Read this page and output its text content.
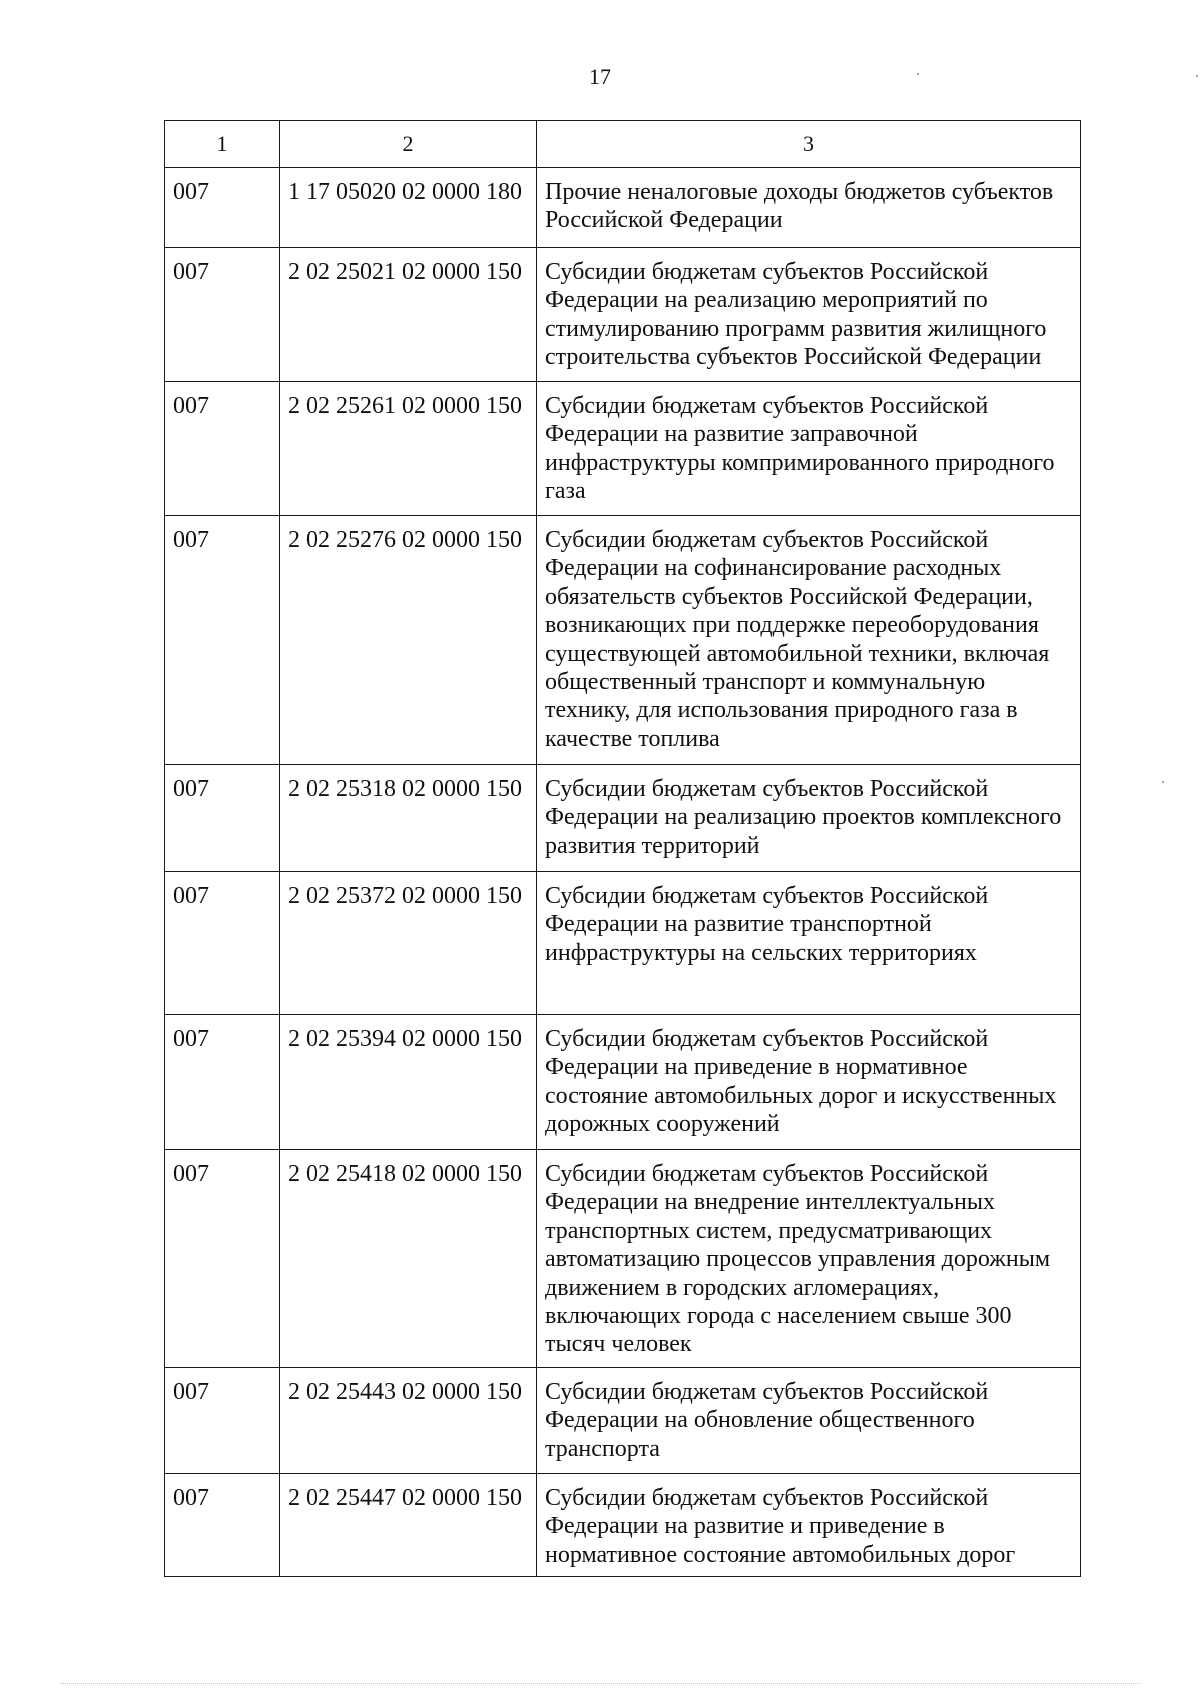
17
1	2	3
007	1 17 05020 02 0000 180	Прочие неналоговые доходы бюджетов субъектов Российской Федерации
007	2 02 25021 02 0000 150	Субсидии бюджетам субъектов Российской Федерации на реализацию мероприятий по стимулированию программ развития жилищного строительства субъектов Российской Федерации
007	2 02 25261 02 0000 150	Субсидии бюджетам субъектов Российской Федерации на развитие заправочной инфраструктуры компримированного природного газа
007	2 02 25276 02 0000 150	Субсидии бюджетам субъектов Российской Федерации на софинансирование расходных обязательств субъектов Российской Федерации, возникающих при поддержке переоборудования существующей автомобильной техники, включая общественный транспорт и коммунальную технику, для использования природного газа в качестве топлива
007	2 02 25318 02 0000 150	Субсидии бюджетам субъектов Российской Федерации на реализацию проектов комплексного развития территорий
007	2 02 25372 02 0000 150	Субсидии бюджетам субъектов Российской Федерации на развитие транспортной инфраструктуры на сельских территориях
007	2 02 25394 02 0000 150	Субсидии бюджетам субъектов Российской Федерации на приведение в нормативное состояние автомобильных дорог и искусственных дорожных сооружений
007	2 02 25418 02 0000 150	Субсидии бюджетам субъектов Российской Федерации на внедрение интеллектуальных транспортных систем, предусматривающих автоматизацию процессов управления дорожным движением в городских агломерациях, включающих города с населением свыше 300 тысяч человек
007	2 02 25443 02 0000 150	Субсидии бюджетам субъектов Российской Федерации на обновление общественного транспорта
007	2 02 25447 02 0000 150	Субсидии бюджетам субъектов Российской Федерации на развитие и приведение в нормативное состояние автомобильных дорог
